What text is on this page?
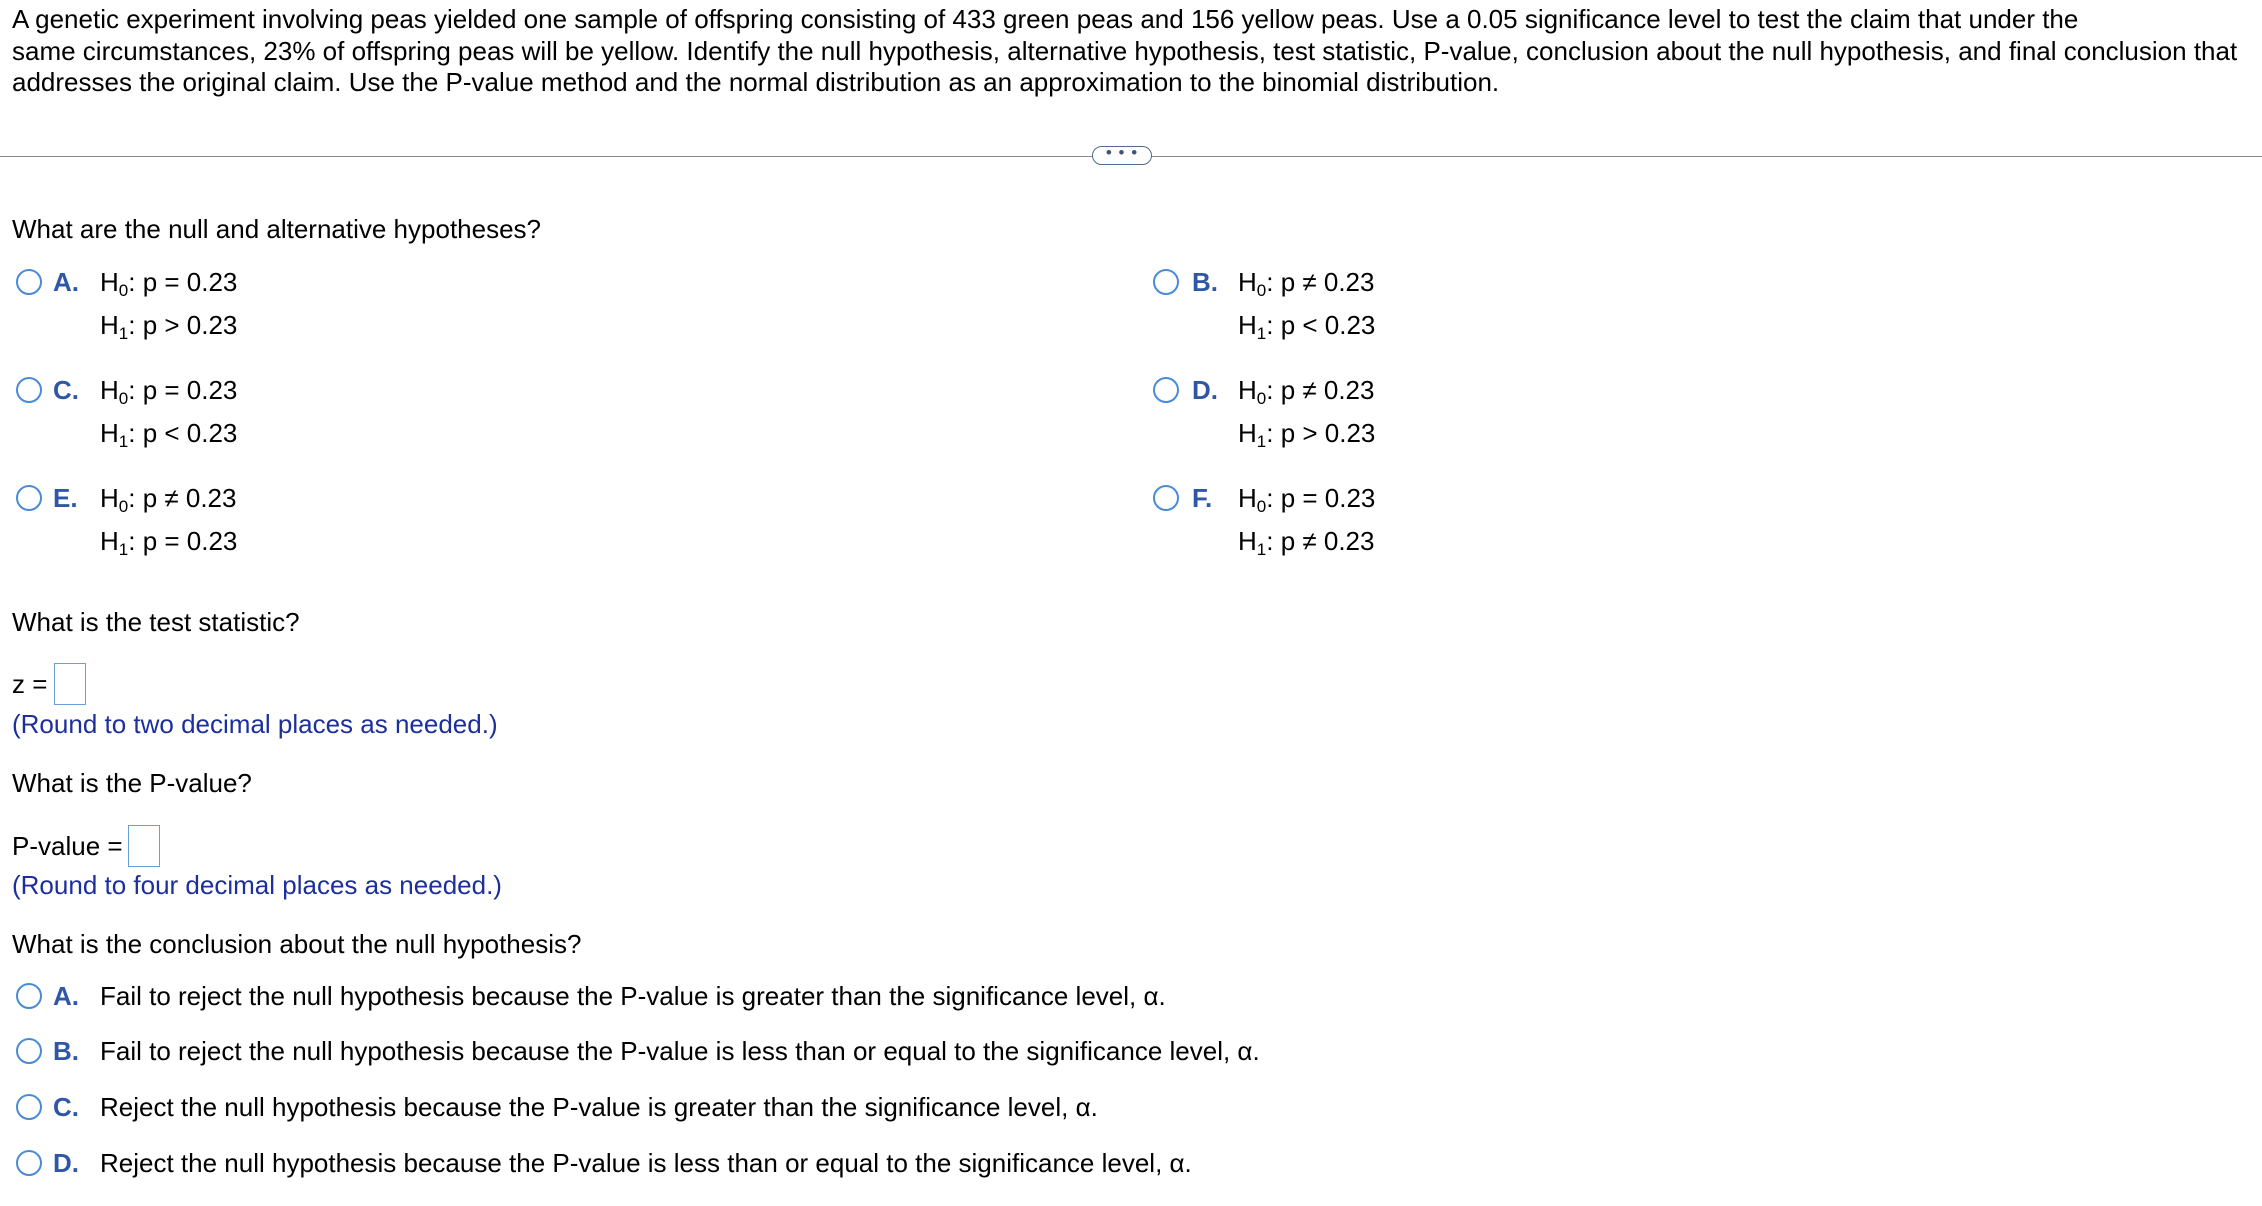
A genetic experiment involving peas yielded one sample of offspring consisting of 433 green peas and 156 yellow peas. Use a 0.05 significance level to test the claim that under the
same circumstances, 23% of offspring peas will be yellow. Identify the null hypothesis, alternative hypothesis, test statistic, P-value, conclusion about the null hypothesis, and final conclusion that
addresses the original claim. Use the P-value method and the normal distribution as an approximation to the binomial distribution.
• • •
What are the null and alternative hypotheses?
A. $H_0$: p = 0.23
$H_1$: p > 0.23
B. $H_0$: p ≠ 0.23
$H_1$: p < 0.23
C. $H_0$: p = 0.23
$H_1$: p < 0.23
D. $H_0$: p ≠ 0.23
$H_1$: p > 0.23
E. $H_0$: p ≠ 0.23
$H_1$: p = 0.23
F. $H_0$: p = 0.23
$H_1$: p ≠ 0.23
What is the test statistic?
z =
(Round to two decimal places as needed.)
What is the P-value?
P-value =
(Round to four decimal places as needed.)
What is the conclusion about the null hypothesis?
A. Fail to reject the null hypothesis because the P-value is greater than the significance level, α.
B. Fail to reject the null hypothesis because the P-value is less than or equal to the significance level, α.
C. Reject the null hypothesis because the P-value is greater than the significance level, α.
D. Reject the null hypothesis because the P-value is less than or equal to the significance level, α.
